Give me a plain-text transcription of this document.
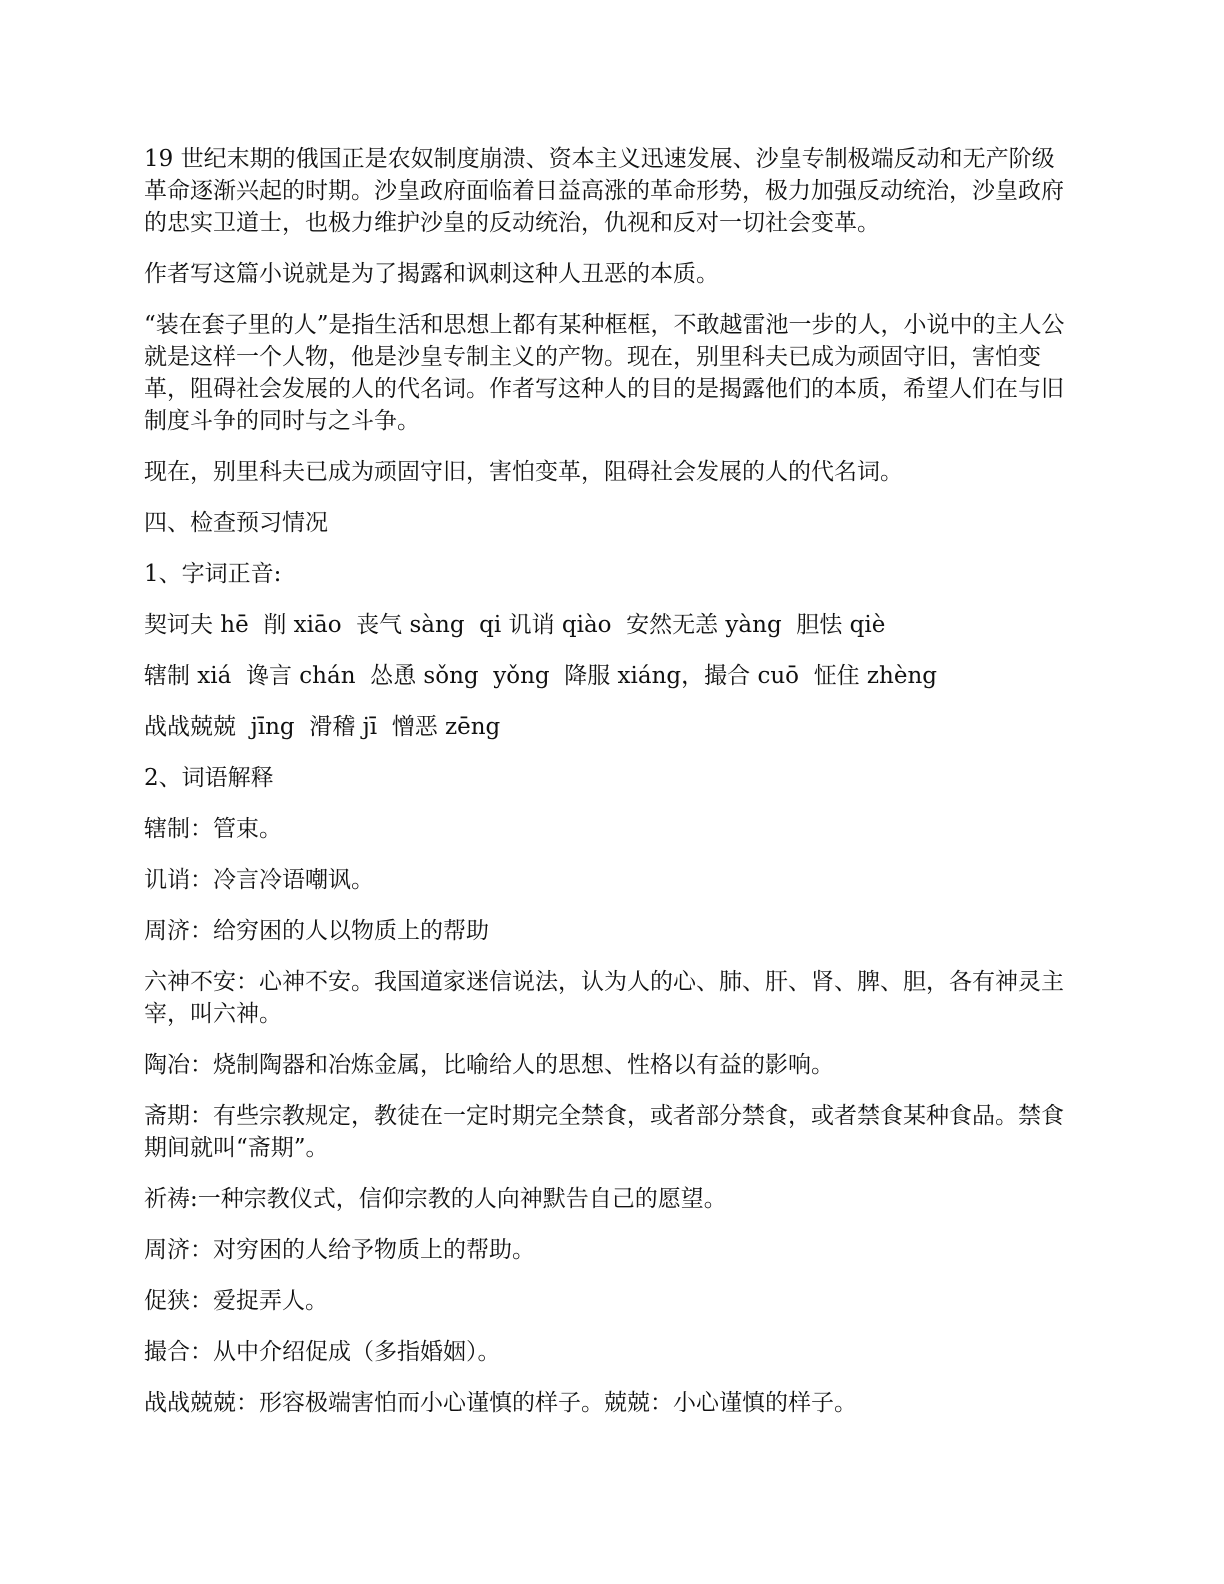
19 世纪末期的俄国正是农奴制度崩溃、资本主义迅速发展、沙皇专制极端反动和无产阶级革命逐渐兴起的时期。沙皇政府面临着日益高涨的革命形势，极力加强反动统治，沙皇政府的忠实卫道士，也极力维护沙皇的反动统治，仇视和反对一切社会变革。

作者写这篇小说就是为了揭露和讽刺这种人丑恶的本质。

“装在套子里的人”是指生活和思想上都有某种框框，不敢越雷池一步的人，小说中的主人公就是这样一个人物，他是沙皇专制主义的产物。现在，别里科夫已成为顽固守旧，害怕变革，阻碍社会发展的人的代名词。作者写这种人的目的是揭露他们的本质，希望人们在与旧制度斗争的同时与之斗争。

现在，别里科夫已成为顽固守旧，害怕变革，阻碍社会发展的人的代名词。

四、检查预习情况

1、字词正音:

契诃夫 hē  削 xiāo  丧气 sàng  qi 讥诮 qiào  安然无恙 yàng  胆怯 qiè

辖制 xiá  谗言 chán  怂恿 sǒng  yǒng  降服 xiáng，撮合 cuō  怔住 zhèng

战战兢兢  jīng  滑稽 jī  憎恶 zēng

2、词语解释

辖制：管束。

讥诮：冷言冷语嘲讽。

周济：给穷困的人以物质上的帮助

六神不安：心神不安。我国道家迷信说法，认为人的心、肺、肝、肾、脾、胆，各有神灵主宰，叫六神。

陶冶：烧制陶器和冶炼金属，比喻给人的思想、性格以有益的影响。

斋期：有些宗教规定，教徒在一定时期完全禁食，或者部分禁食，或者禁食某种食品。禁食期间就叫“斋期”。

祈祷:一种宗教仪式，信仰宗教的人向神默告自己的愿望。

周济：对穷困的人给予物质上的帮助。

促狭：爱捉弄人。

撮合：从中介绍促成（多指婚姻）。

战战兢兢：形容极端害怕而小心谨慎的样子。兢兢：小心谨慎的样子。
